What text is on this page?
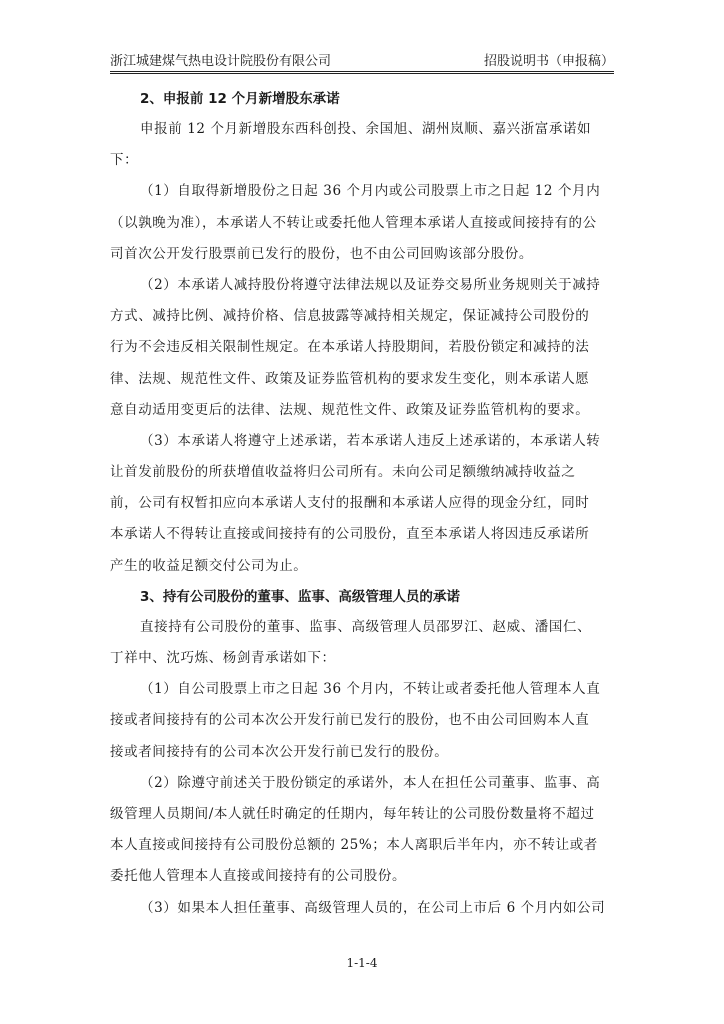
浙江城建煤气热电设计院股份有限公司	招股说明书（申报稿）
2、申报前 12 个月新增股东承诺

申报前 12 个月新增股东西科创投、余国旭、湖州岚顺、嘉兴浙富承诺如
下：

（1）自取得新增股份之日起 36 个月内或公司股票上市之日起 12 个月内
（以孰晚为准），本承诺人不转让或委托他人管理本承诺人直接或间接持有的公
司首次公开发行股票前已发行的股份，也不由公司回购该部分股份。

（2）本承诺人减持股份将遵守法律法规以及证券交易所业务规则关于减持
方式、减持比例、减持价格、信息披露等减持相关规定，保证减持公司股份的
行为不会违反相关限制性规定。在本承诺人持股期间，若股份锁定和减持的法
律、法规、规范性文件、政策及证券监管机构的要求发生变化，则本承诺人愿
意自动适用变更后的法律、法规、规范性文件、政策及证券监管机构的要求。

（3）本承诺人将遵守上述承诺，若本承诺人违反上述承诺的，本承诺人转
让首发前股份的所获增值收益将归公司所有。未向公司足额缴纳减持收益之
前，公司有权暂扣应向本承诺人支付的报酬和本承诺人应得的现金分红，同时
本承诺人不得转让直接或间接持有的公司股份，直至本承诺人将因违反承诺所
产生的收益足额交付公司为止。

3、持有公司股份的董事、监事、高级管理人员的承诺

直接持有公司股份的董事、监事、高级管理人员邵罗江、赵威、潘国仁、
丁祥中、沈巧炼、杨剑青承诺如下：

（1）自公司股票上市之日起 36 个月内，不转让或者委托他人管理本人直
接或者间接持有的公司本次公开发行前已发行的股份，也不由公司回购本人直
接或者间接持有的公司本次公开发行前已发行的股份。

（2）除遵守前述关于股份锁定的承诺外，本人在担任公司董事、监事、高
级管理人员期间/本人就任时确定的任期内，每年转让的公司股份数量将不超过
本人直接或间接持有公司股份总额的 25%；本人离职后半年内，亦不转让或者
委托他人管理本人直接或间接持有的公司股份。

（3）如果本人担任董事、高级管理人员的，在公司上市后 6 个月内如公司

1-1-4
